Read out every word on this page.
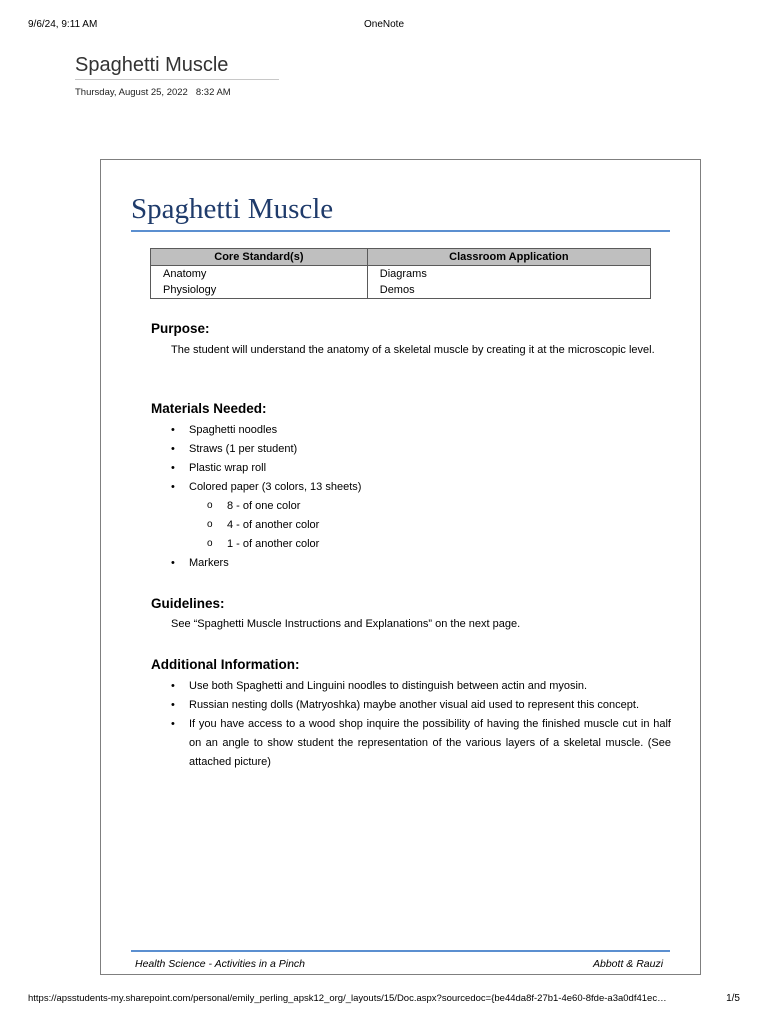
9/6/24, 9:11 AM	OneNote
Spaghetti Muscle
Thursday, August 25, 2022 8:32 AM
Spaghetti Muscle
Core Standard(s)	Classroom Application
Anatomy	Diagrams
Physiology	Demos
Purpose:
The student will understand the anatomy of a skeletal muscle by creating it at the microscopic level.
Materials Needed:
• Spaghetti noodles
• Straws (1 per student)
• Plastic wrap roll
• Colored paper (3 colors, 13 sheets)
o 8 - of one color
o 4 - of another color
o 1 - of another color
• Markers
Guidelines:
See “Spaghetti Muscle Instructions and Explanations” on the next page.
Additional Information:
• Use both Spaghetti and Linguini noodles to distinguish between actin and myosin.
• Russian nesting dolls (Matryoshka) maybe another visual aid used to represent this concept.
• If you have access to a wood shop inquire the possibility of having the finished muscle cut in half on an angle to show student the representation of the various layers of a skeletal muscle. (See attached picture)
Health Science - Activities in a Pinch	Abbott & Rauzi
https://apsstudents-my.sharepoint.com/personal/emily_perling_apsk12_org/_layouts/15/Doc.aspx?sourcedoc={be44da8f-27b1-4e60-8fde-a3a0df41ec…	1/5
